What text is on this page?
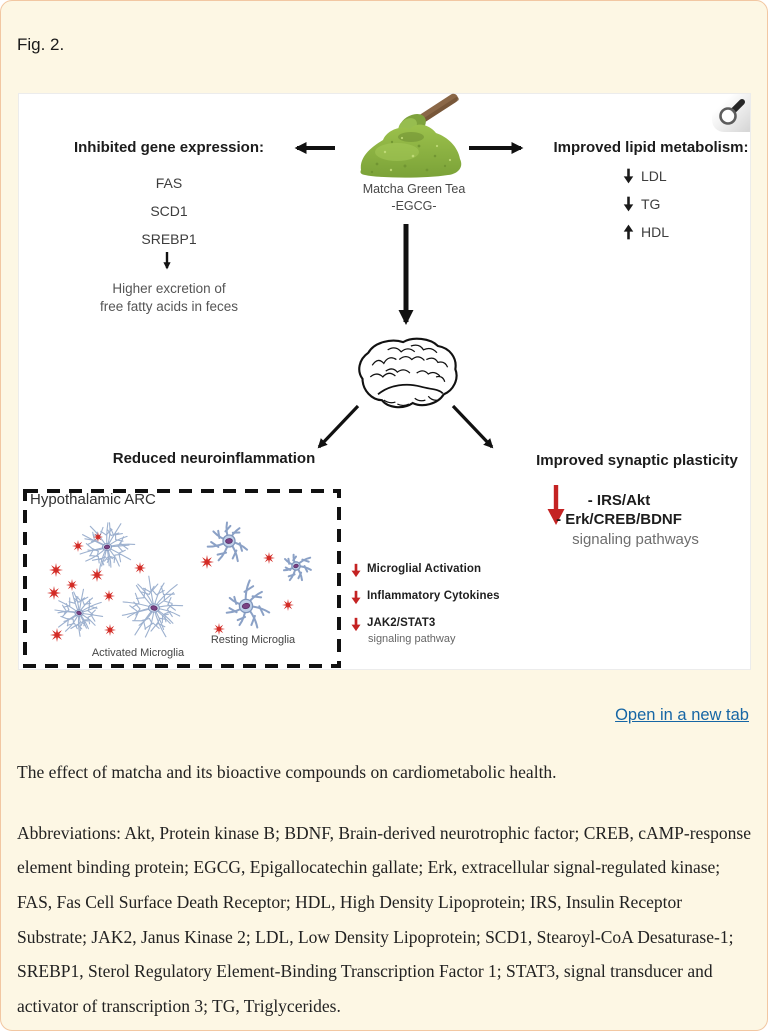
Fig. 2.
Inhibited gene expression:
FAS
SCD1
SREBP1
Higher excretion of
free fatty acids in feces
Matcha Green Tea
-EGCG-
Improved lipid metabolism:
LDL
TG
HDL
Reduced neuroinflammation
Hypothalamic ARC
Activated Microglia
Resting Microglia
Microglial Activation
Inflammatory Cytokines
JAK2/STAT3
signaling pathway
Improved synaptic plasticity
- IRS/Akt
- Erk/CREB/BDNF
signaling pathways
Open in a new tab

The effect of matcha and its bioactive compounds on cardiometabolic health.

Abbreviations: Akt, Protein kinase B; BDNF, Brain-derived neurotrophic factor; CREB, cAMP-response element binding protein; EGCG, Epigallocatechin gallate; Erk, extracellular signal-regulated kinase; FAS, Fas Cell Surface Death Receptor; HDL, High Density Lipoprotein; IRS, Insulin Receptor Substrate; JAK2, Janus Kinase 2; LDL, Low Density Lipoprotein; SCD1, Stearoyl-CoA Desaturase-1; SREBP1, Sterol Regulatory Element-Binding Transcription Factor 1; STAT3, signal transducer and activator of transcription 3; TG, Triglycerides.
